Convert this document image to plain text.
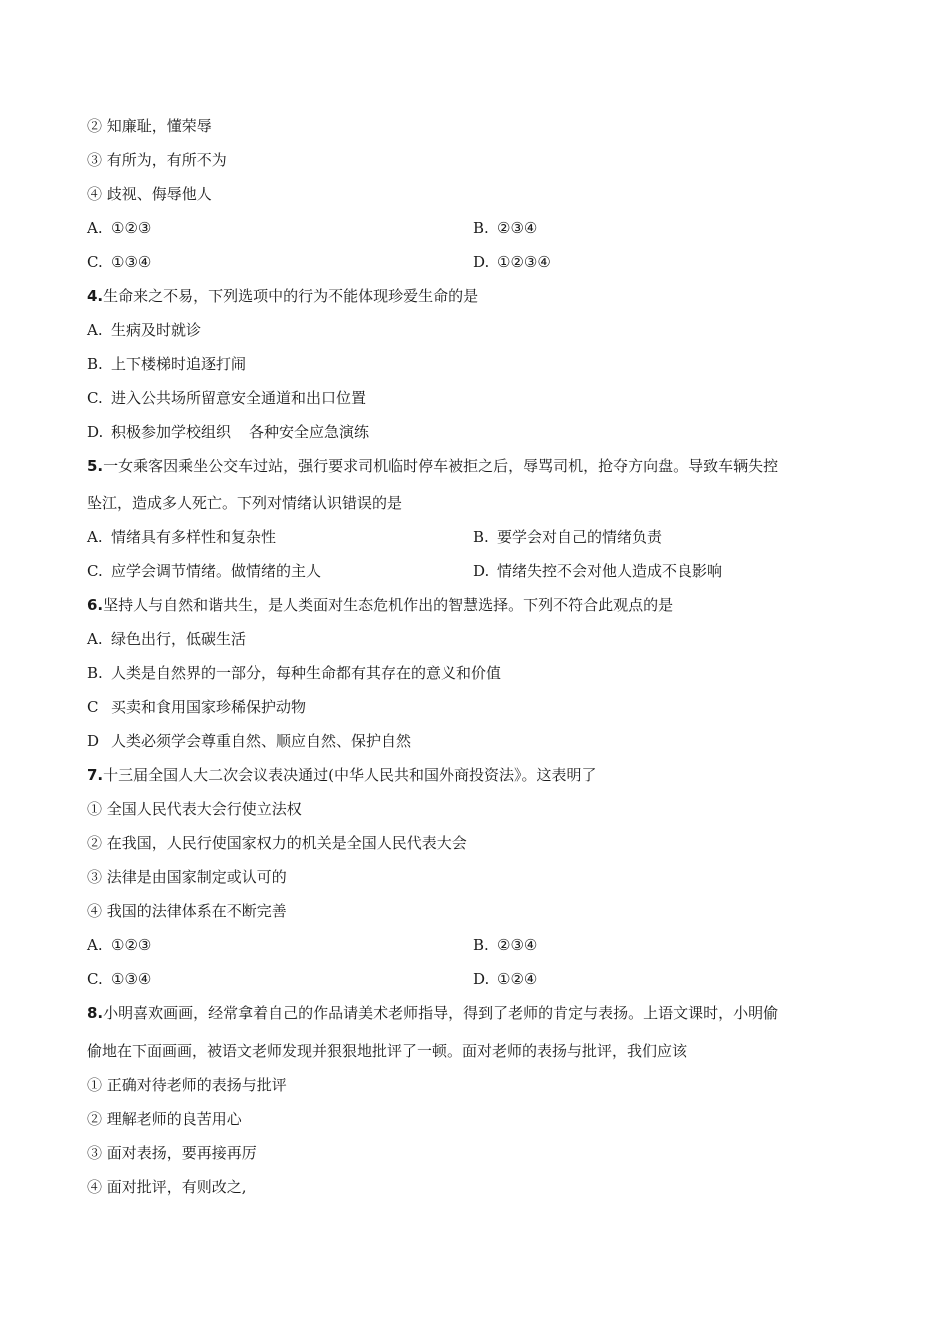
② 知廉耻，懂荣辱
③ 有所为，有所不为
④ 歧视、侮辱他人
A. ①②③	B. ②③④
C. ①③④	D. ①②③④
4.生命来之不易，下列选项中的行为不能体现珍爱生命的是
A. 生病及时就诊
B. 上下楼梯时追逐打闹
C. 进入公共场所留意安全通道和出口位置
D. 积极参加学校组织 各种安全应急演练
5.一女乘客因乘坐公交车过站，强行要求司机临时停车被拒之后，辱骂司机，抢夺方向盘。导致车辆失控
坠江，造成多人死亡。下列对情绪认识错误的是
A. 情绪具有多样性和复杂性	B. 要学会对自己的情绪负责
C. 应学会调节情绪。做情绪的主人	D. 情绪失控不会对他人造成不良影响
6.坚持人与自然和谐共生，是人类面对生态危机作出的智慧选择。下列不符合此观点的是
A. 绿色出行，低碳生活
B. 人类是自然界的一部分，每种生命都有其存在的意义和价值
C 买卖和食用国家珍稀保护动物
D 人类必须学会尊重自然、顺应自然、保护自然
7.十三届全国人大二次会议表决通过(中华人民共和国外商投资法》。这表明了
① 全国人民代表大会行使立法权
② 在我国，人民行使国家权力的机关是全国人民代表大会
③ 法律是由国家制定或认可的
④ 我国的法律体系在不断完善
A. ①②③	B. ②③④
C. ①③④	D. ①②④
8.小明喜欢画画，经常拿着自己的作品请美术老师指导，得到了老师的肯定与表扬。上语文课时，小明偷
偷地在下面画画，被语文老师发现并狠狠地批评了一顿。面对老师的表扬与批评，我们应该
① 正确对待老师的表扬与批评
② 理解老师的良苦用心
③ 面对表扬，要再接再厉
④ 面对批评，有则改之,
